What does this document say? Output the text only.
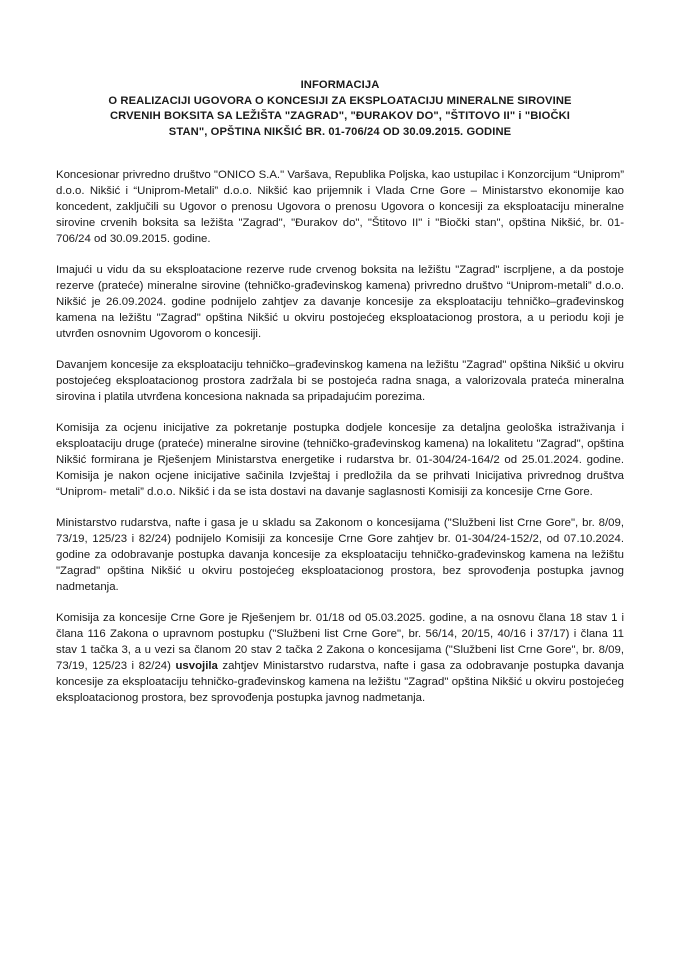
INFORMACIJA
O REALIZACIJI UGOVORA O KONCESIJI ZA EKSPLOATACIJU MINERALNE SIROVINE
CRVENIH BOKSITA SA LEŽIŠTA "ZAGRAD", "ĐURAKOV DO", "ŠTITOVO II" i "BIOČKI
STAN", OPŠTINA NIKŠIĆ BR. 01-706/24 OD 30.09.2015. GODINE

Koncesionar privredno društvo "ONICO S.A." Varšava, Republika Poljska, kao ustupilac i Konzorcijum “Uniprom” d.o.o. Nikšić i “Uniprom-Metali” d.o.o. Nikšić kao prijemnik i Vlada Crne Gore – Ministarstvo ekonomije kao koncedent, zaključili su Ugovor o prenosu Ugovora o prenosu Ugovora o koncesiji za eksploataciju mineralne sirovine crvenih boksita sa ležišta "Zagrad", "Đurakov do", "Štitovo II" i "Biočki stan", opština Nikšić, br. 01-706/24 od 30.09.2015. godine.

Imajući u vidu da su eksploatacione rezerve rude crvenog boksita na ležištu "Zagrad" iscrpljene, a da postoje rezerve (prateće) mineralne sirovine (tehničko-građevinskog kamena) privredno društvo “Uniprom-metali” d.o.o. Nikšić je 26.09.2024. godine podnijelo zahtjev za davanje koncesije za eksploataciju tehničko–građevinskog kamena na ležištu "Zagrad" opština Nikšić u okviru postojećeg eksploatacionog prostora, a u periodu koji je utvrđen osnovnim Ugovorom o koncesiji.

Davanjem koncesije za eksploataciju tehničko–građevinskog kamena na ležištu "Zagrad" opština Nikšić u okviru postojećeg eksploatacionog prostora zadržala bi se postojeća radna snaga, a valorizovala prateća mineralna sirovina i platila utvrđena koncesiona naknada sa pripadajućim porezima.

Komisija za ocjenu inicijative za pokretanje postupka dodjele koncesije za detaljna geološka istraživanja i eksploataciju druge (prateće) mineralne sirovine (tehničko-građevinskog kamena) na lokalitetu "Zagrad", opština Nikšić formirana je Rješenjem Ministarstva energetike i rudarstva br. 01-304/24-164/2 od 25.01.2024. godine. Komisija je nakon ocjene inicijative sačinila Izvještaj i predložila da se prihvati Inicijativa privrednog društva “Uniprom- metali” d.o.o. Nikšić i da se ista dostavi na davanje saglasnosti Komisiji za koncesije Crne Gore.

Ministarstvo rudarstva, nafte i gasa je u skladu sa Zakonom o koncesijama ("Službeni list Crne Gore", br. 8/09, 73/19, 125/23 i 82/24) podnijelo Komisiji za koncesije Crne Gore zahtjev br. 01-304/24-152/2, od 07.10.2024. godine za odobravanje postupka davanja koncesije za eksploataciju tehničko-građevinskog kamena na ležištu "Zagrad" opština Nikšić u okviru postojećeg eksploatacionog prostora, bez sprovođenja postupka javnog nadmetanja.

Komisija za koncesije Crne Gore je Rješenjem br. 01/18 od 05.03.2025. godine, a na osnovu člana 18 stav 1 i člana 116 Zakona o upravnom postupku ("Službeni list Crne Gore", br. 56/14, 20/15, 40/16 i 37/17) i člana 11 stav 1 tačka 3, a u vezi sa članom 20 stav 2 tačka 2 Zakona o koncesijama ("Službeni list Crne Gore", br. 8/09, 73/19, 125/23 i 82/24) usvojila zahtjev Ministarstvo rudarstva, nafte i gasa za odobravanje postupka davanja koncesije za eksploataciju tehničko-građevinskog kamena na ležištu "Zagrad" opština Nikšić u okviru postojećeg eksploatacionog prostora, bez sprovođenja postupka javnog nadmetanja.
